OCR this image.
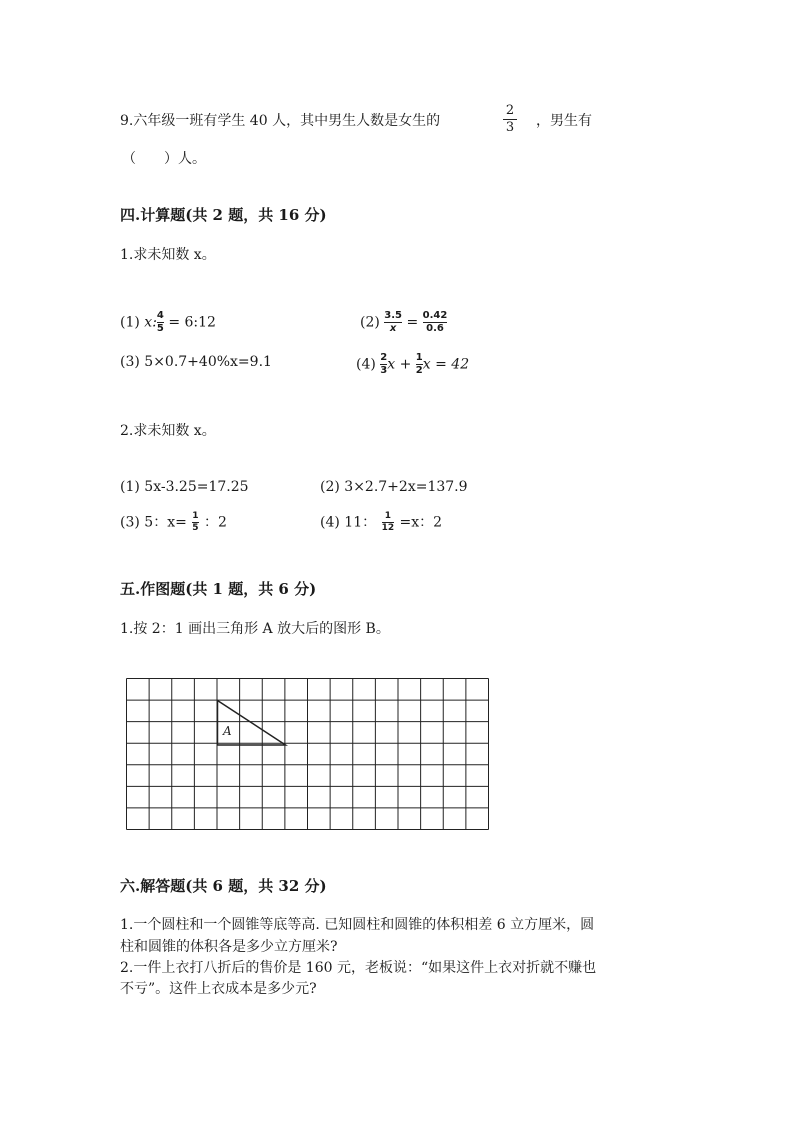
9.六年级一班有学生 40 人，其中男生人数是女生的
2
3 ，男生有
（　　）人。
四.计算题(共 2 题，共 16 分)
1.求未知数 x。
(1) x: $\frac{4}{5}$ = 6:12	$(2) \frac{3.5}{x} = \frac{0.42}{0.6}$
(3) 5×0.7+40%x=9.1	$(4) \frac{2}{3}$ $x + \frac{1}{2}$ x = 42
2.求未知数 x。
(1) 5x-3.25=17.25	(2) 3×2.7+2x=137.9
(3) 5：$x= \frac{1}{5}$ ：2	(4) 11： $\frac{1}{12} =x$：2
五.作图题(共 1 题，共 6 分)
1.按 2：1 画出三角形 A 放大后的图形 B。
A
六.解答题(共 6 题，共 32 分)
1.一个圆柱和一个圆锥等底等高. 已知圆柱和圆锥的体积相差 6 立方厘米，圆
柱和圆锥的体积各是多少立方厘米?
2.一件上衣打八折后的售价是 160 元，老板说：“如果这件上衣对折就不赚也
不亏”。这件上衣成本是多少元?
